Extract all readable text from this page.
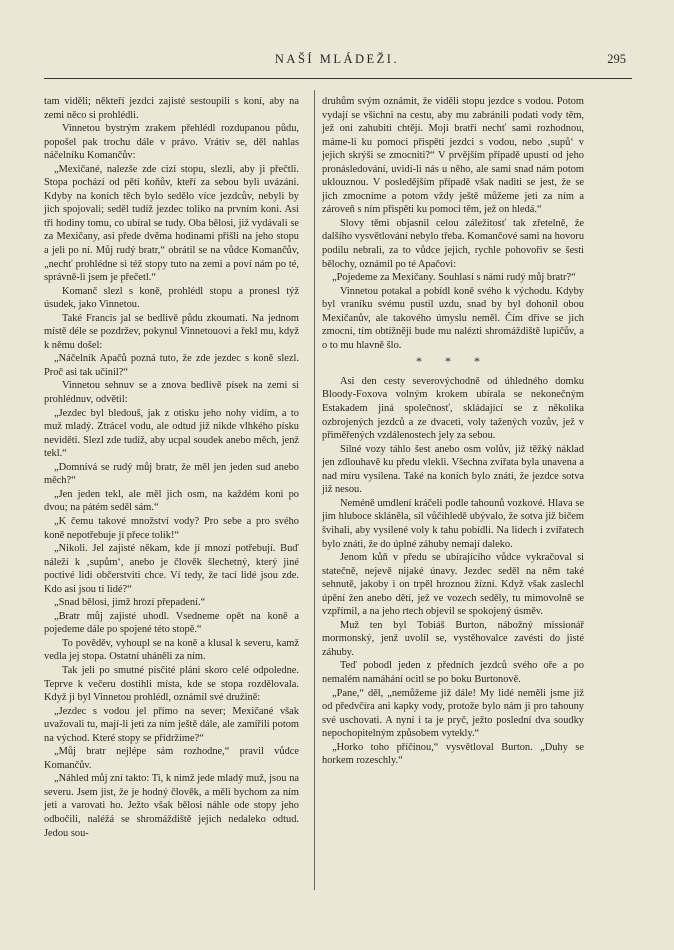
NAŠÍ MLÁDEŽI.	295

tam viděli; někteří jezdci zajisté sestoupili s koní, aby na zemi něco si prohlédli.

Vinnetou bystrým zrakem přehlédl rozdupanou půdu, popošel pak trochu dále v právo. Vrátiv se, děl nahlas náčelníku Komančův:

„Mexičané, nalezše zde cizí stopu, slezli, aby ji přečtli. Stopa pochází od pěti koňův, kteří za sebou byli uvázáni. Kdyby na koních těch bylo sedělo více jezdcův, nebyli by jich spojovali; seděl tudíž jezdec toliko na prvním koni. Asi tři hodiny tomu, co ubíral se tudy. Oba bělosi, již vydávali se za Mexičany, asi přede dvěma hodinami přišli na jeho stopu a jeli po ní. Můj rudý bratr,“ obrátil se na vůdce Komančův, „nechť prohlédne si též stopy tuto na zemi a poví nám po té, správně-li jsem je přečetl.“

Komanč slezl s koně, prohlédl stopu a pronesl týž úsudek, jako Vinnetou.

Také Francis jal se bedlivě půdu zkoumati. Na jednom místě déle se pozdržev, pokynul Vinnetouovi a řekl mu, když k němu došel:

„Náčelník Apačů pozná tuto, že zde jezdec s koně slezl. Proč asi tak učinil?“

Vinnetou sehnuv se a znova bedlivě písek na zemi si prohlédnuv, odvětil:

„Jezdec byl bledouš, jak z otisku jeho nohy vidím, a to muž mladý. Ztrácel vodu, ale odtud již nikde vlhkého písku neviděti. Slezl zde tudíž, aby ucpal soudek anebo měch, jenž tekl.“

„Domnívá se rudý můj bratr, že měl jen jeden sud anebo měch?“

„Jen jeden tekl, ale měl jich osm, na každém koni po dvou; na pátém seděl sám.“

„K čemu takové množství vody? Pro sebe a pro svého koně nepotřebuje jí přece tolik!“

„Nikoli. Jel zajisté někam, kde jí mnozí potřebují. Buď náleží k ‚supům‘, anebo je člověk šlechetný, který jiné poctivé lidi občerstviti chce. Ví tedy, že tací lidé jsou zde. Kdo asi jsou ti lidé?“

„Snad bělosi, jimž hrozí přepadení.“

„Bratr můj zajisté uhodl. Vsedneme opět na koně a pojedeme dále po spojené této stopě.“

To pověděv, vyhoupl se na koně a klusal k severu, kamž vedla jej stopa. Ostatní uháněli za ním.

Tak jeli po smutné písčité pláni skoro celé odpoledne. Teprve k večeru dostihli místa, kde se stopa rozdělovala. Když ji byl Vinnetou prohlédl, oznámil své družině:

„Jezdec s vodou jel přímo na sever; Mexičané však uvažovali tu, mají-li jeti za ním ještě dále, ale zamířili potom na východ. Které stopy se přidržíme?“

„Můj bratr nejlépe sám rozhodne,“ pravil vůdce Komančův.

„Náhled můj zní takto: Ti, k nimž jede mladý muž, jsou na severu. Jsem jist, že je hodný člověk, a měli bychom za ním jeti a varovati ho. Ježto však bělosi náhle ode stopy jeho odbočili, naléžá se shromáždiště jejich nedaleko odtud. Jedou sou-

druhům svým oznámit, že viděli stopu jezdce s vodou. Potom vydají se všichni na cestu, aby mu zabránili podati vody těm, jež oni zahubiti chtějí. Moji bratři nechť sami rozhodnou, máme-li ku pomoci přispěti jezdci s vodou, nebo ‚supů‘ v jejich skrýši se zmocniti?“ V prvějším případě upustí od jeho pronásledování, uvidí-li nás u něho, ale sami snad nám potom uklouznou. V posledějším případě však naditi se jest, že se jich zmocníme a potom vždy ještě můžeme jeti za ním a zároveň s ním přispěti ku pomoci těm, jež on hledá.“

Slovy těmi objasnil celou záležitosť tak zřetelně, že dalšího vysvětlování nebylo třeba. Komančové sami na hovoru podílu nebrali, za to vůdce jejich, rychle pohovořiv se šesti bělochy, oznámil po té Apačovi:

„Pojedeme za Mexičany. Souhlasí s námi rudý můj bratr?“

Vinnetou potakal a pobídl koně svého k východu. Kdyby byl vraníku svému pustil uzdu, snad by byl dohonil obou Mexičanův, ale takového úmyslu neměl. Čím dříve se jich zmocní, tím obtížněji bude mu nalézti shromáždiště lupičův, a o to mu hlavně šlo.

* * *

Asi den cesty severovýchodně od úhledného domku Bloody-Foxova volným krokem ubírala se nekonečným Estakadem jiná společnosť, skládající se z několika ozbrojených jezdců a ze dvaceti, voly tažených vozův, jež v přiměřených vzdálenostech jely za sebou.

Silné vozy táhlo šest anebo osm volův, již těžký náklad jen zdlouhavě ku předu vlekli. Všechna zvířata byla unavena a nad míru vysílena. Také na koních bylo znáti, že jezdce sotva již nesou.

Neméně umdlení kráčeli podle tahounů vozkové. Hlava se jim hluboce skláněla, síl vůčihledě ubývalo, že sotva již bičem švihali, aby vysílené voly k tahu pobídli. Na lidech i zvířatech bylo znáti, že do úplné záhuby nemají daleko.

Jenom kůň v předu se ubírajícího vůdce vykračoval si statečně, nejevě nijaké únavy. Jezdec seděl na něm také sehnutě, jakoby i on trpěl hroznou žízní. Když však zaslechl úpění žen anebo dětí, jež ve vozech seděly, tu mimovolně se vzpřímil, a na jeho rtech objevil se spokojený úsměv.

Muž ten byl Tobiáš Burton, nábožný missionář mormonský, jenž uvolil se, vystěhovalce zavésti do jisté záhuby.

Teď pobodl jeden z předních jezdců svého oře a po nemalém namáhání ocitl se po boku Burtonově.

„Pane,“ děl, „nemůžeme již dále! My lidé neměli jsme již od předvčíra ani kapky vody, protože bylo nám ji pro tahouny své uschovati. A nyní i ta je pryč, ježto poslední dva soudky nepochopitelným způsobem vytekly.“

„Horko toho příčinou,“ vysvětloval Burton. „Duhy se horkem rozeschly.“
